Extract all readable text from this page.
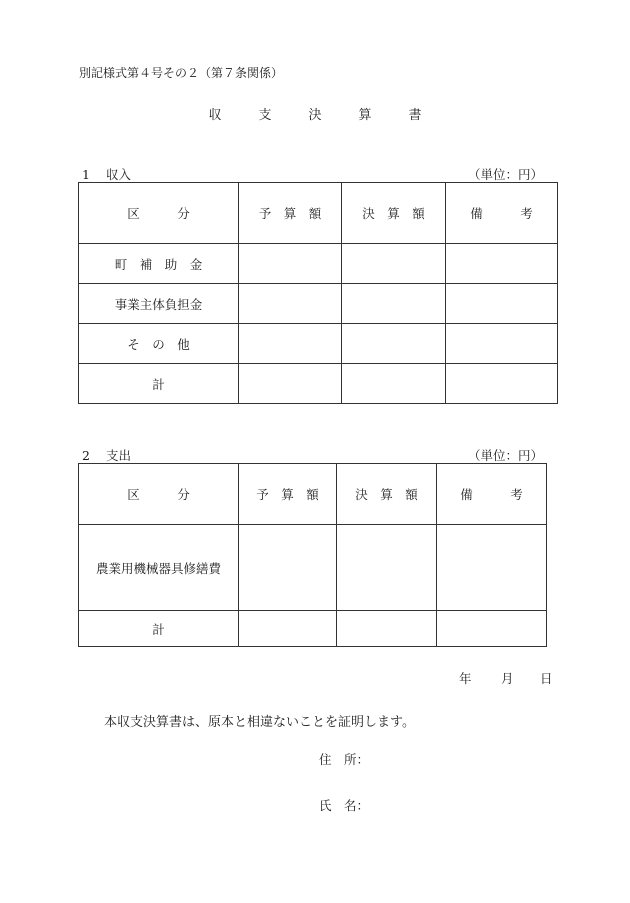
別記様式第４号その２（第７条関係）
収　支　決　算　書
1 収入	（単位：円）
区　　　分	予　算　額	決　算　額	備　　　考
町　補　助　金			
事業主体負担金			
そ　の　他			
計			
2 支出	（単位：円）
区　　　分	予　算　額	決　算　額	備　　　考
農業用機械器具修繕費			
計			
年 月 日
本収支決算書は、原本と相違ないことを証明します。
住　所：
氏　名：
